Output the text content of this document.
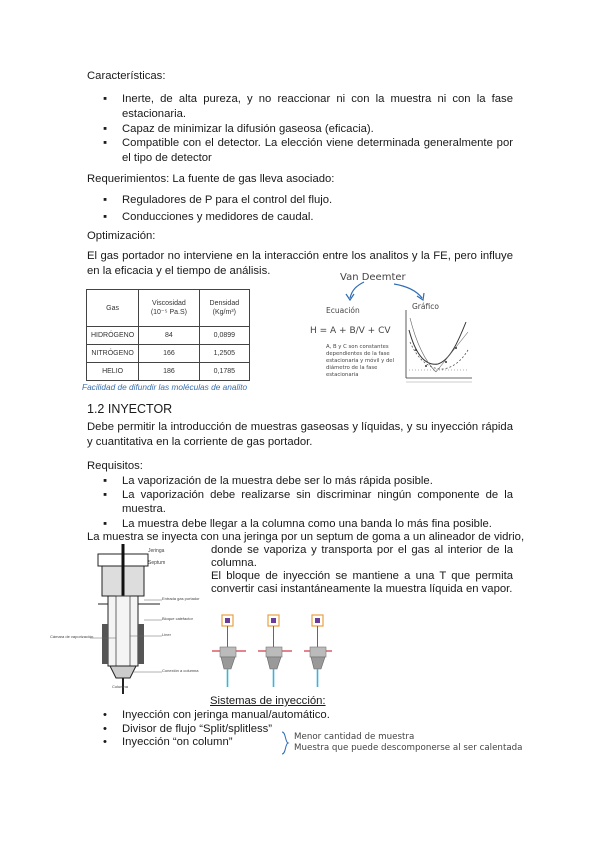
Características:
▪ Inerte, de alta pureza, y no reaccionar ni con la muestra ni con la fase estacionaria.
▪ Capaz de minimizar la difusión gaseosa (eficacia).
▪ Compatible con el detector. La elección viene determinada generalmente por el tipo de detector
Requerimientos: La fuente de gas lleva asociado:
▪ Reguladores de P para el control del flujo.
▪ Conducciones y medidores de caudal.
Optimización:
El gas portador no interviene en la interacción entre los analitos y la FE, pero influye en la eficacia y el tiempo de análisis.
Gas	Viscosidad (10⁻⁵ Pa.S)	Densidad (Kg/m³)
HIDRÓGENO	84	0,0899
NITRÓGENO	166	1,2505
HELIO	186	0,1785
Facilidad de difundir las moléculas de analito
Van Deemter
Ecuación	Gráfico
H = A + B/V + CV
A, B y C son constantes dependientes de la fase estacionaria y móvil y del diámetro de la fase estacionaria
1.2 INYECTOR
Debe permitir la introducción de muestras gaseosas y líquidas, y su inyección rápida y cuantitativa en la corriente de gas portador.
Requisitos:
▪ La vaporización de la muestra debe ser lo más rápida posible.
▪ La vaporización debe realizarse sin discriminar ningún componente de la muestra.
▪ La muestra debe llegar a la columna como una banda lo más fina posible.
La muestra se inyecta con una jeringa por un septum de goma a un alineador de vidrio,
donde se vaporiza y transporta por el gas al interior de la columna.
El bloque de inyección se mantiene a una T que permita convertir casi instantáneamente la muestra líquida en vapor.
Jeringa
Septum
Entrada gas portador
Bloque calefactor
Cámara de vaporización	Liner
Conexión a columna
Columna
Sistemas de inyección:
• Inyección con jeringa manual/automático.
• Divisor de flujo “Split/splitless”
• Inyección “on column”	Menor cantidad de muestra
Muestra que puede descomponerse al ser calentada
